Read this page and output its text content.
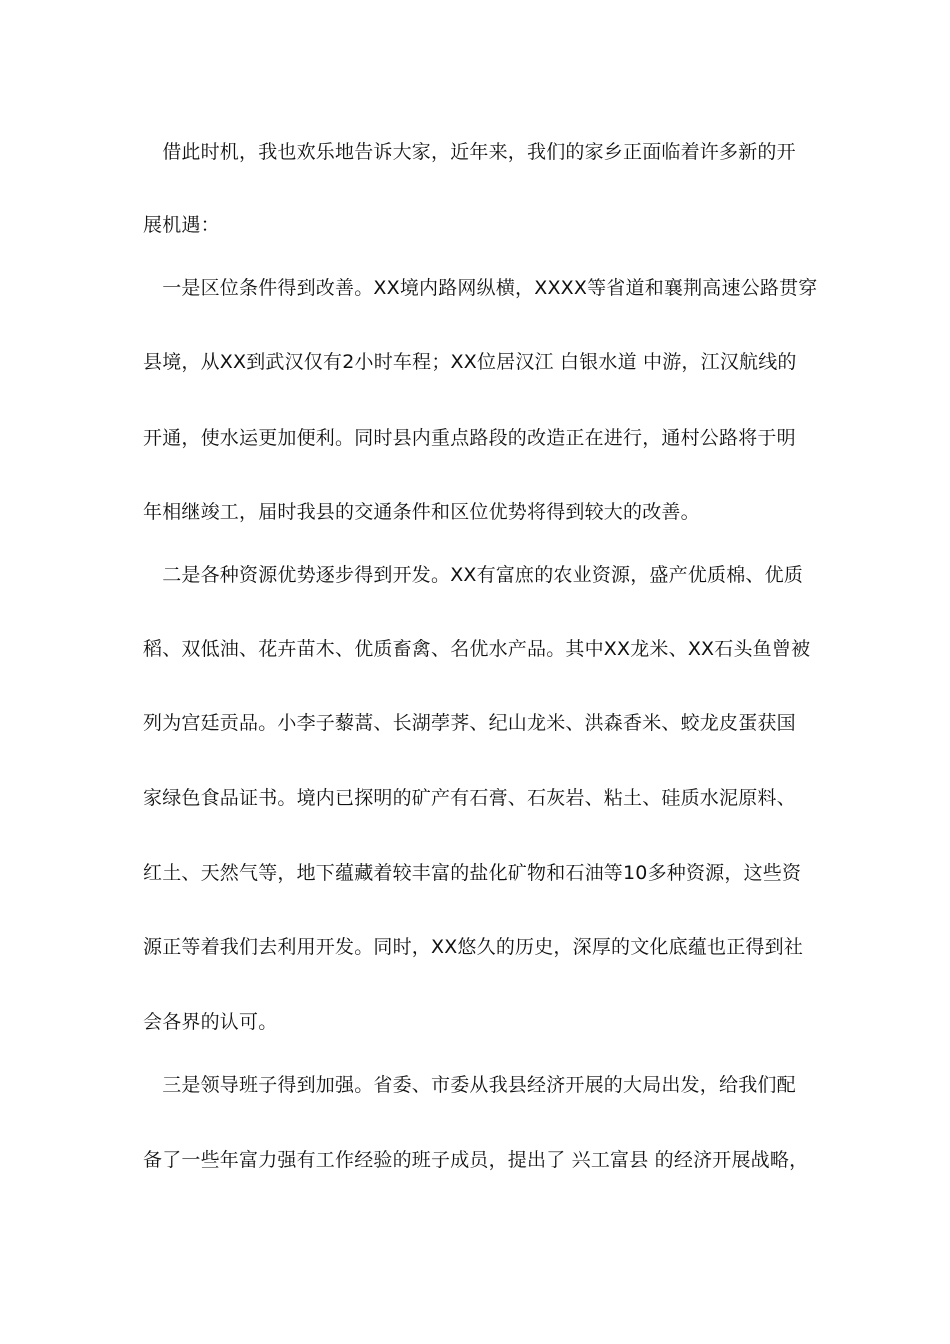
　借此时机，我也欢乐地告诉大家，近年来，我们的家乡正面临着许多新的开
展机遇：
　一是区位条件得到改善。XX境内路网纵横，XXXX等省道和襄荆高速公路贯穿
县境，从XX到武汉仅有2小时车程；XX位居汉江 白银水道 中游，江汉航线的
开通，使水运更加便利。同时县内重点路段的改造正在进行，通村公路将于明
年相继竣工，届时我县的交通条件和区位优势将得到较大的改善。
　二是各种资源优势逐步得到开发。XX有富庶的农业资源，盛产优质棉、优质
稻、双低油、花卉苗木、优质畜禽、名优水产品。其中XX龙米、XX石头鱼曾被
列为宫廷贡品。小李子藜蒿、长湖荸荠、纪山龙米、洪森香米、蛟龙皮蛋获国
家绿色食品证书。境内已探明的矿产有石膏、石灰岩、粘土、硅质水泥原料、
红土、天然气等，地下蕴藏着较丰富的盐化矿物和石油等10多种资源，这些资
源正等着我们去利用开发。同时，XX悠久的历史，深厚的文化底蕴也正得到社
会各界的认可。
　三是领导班子得到加强。省委、市委从我县经济开展的大局出发，给我们配
备了一些年富力强有工作经验的班子成员，提出了 兴工富县 的经济开展战略，
